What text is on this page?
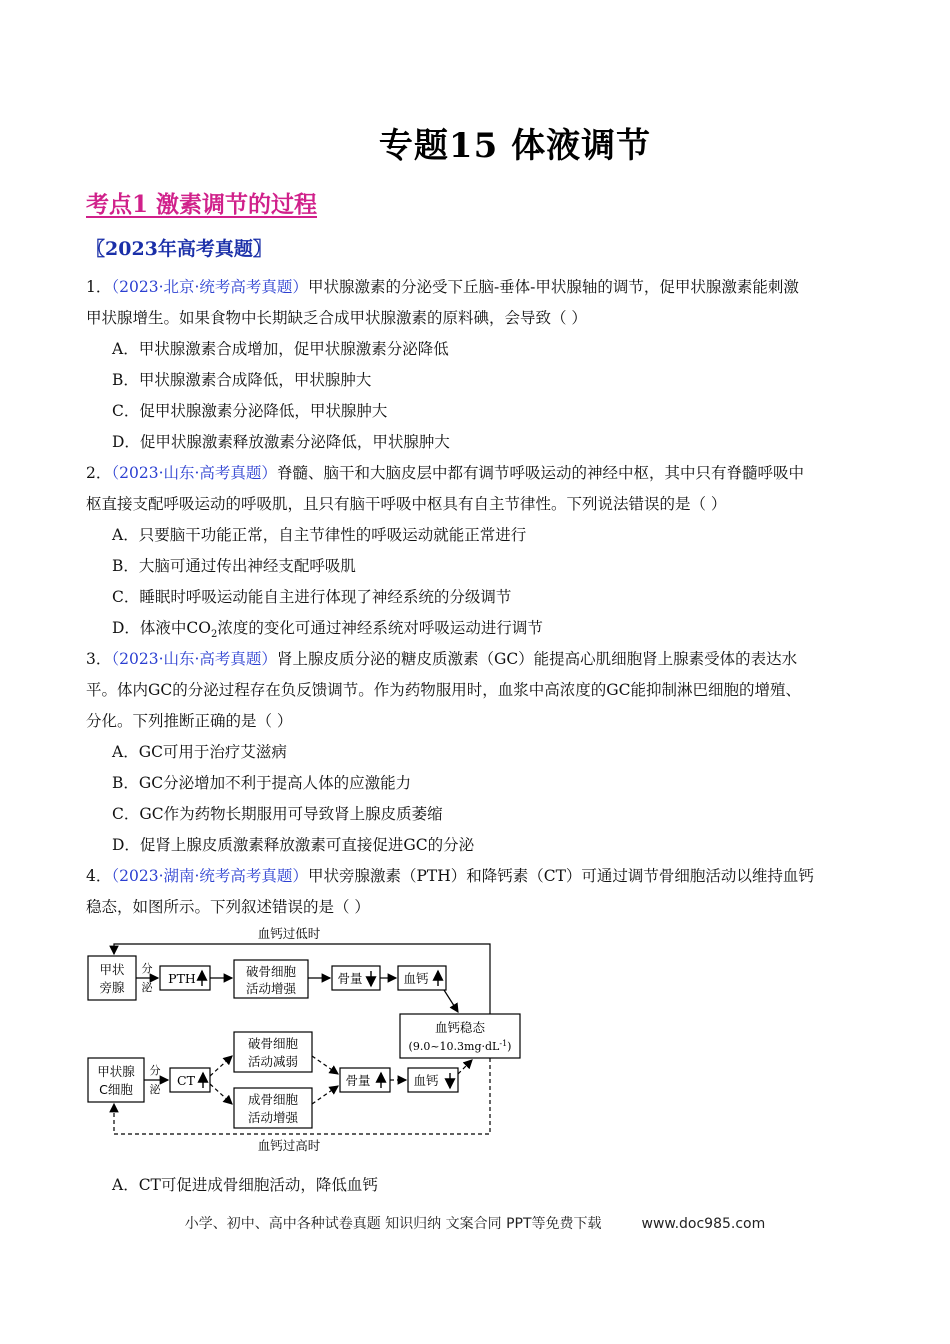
专题15 体液调节
考点1 激素调节的过程
〖2023年高考真题〗
1．（2023·北京·统考高考真题）甲状腺激素的分泌受下丘脑-垂体-甲状腺轴的调节，促甲状腺激素能刺激
甲状腺增生。如果食物中长期缺乏合成甲状腺激素的原料碘，会导致（ ）
A．甲状腺激素合成增加，促甲状腺激素分泌降低
B．甲状腺激素合成降低，甲状腺肿大
C．促甲状腺激素分泌降低，甲状腺肿大
D．促甲状腺激素释放激素分泌降低，甲状腺肿大
2．（2023·山东·高考真题）脊髓、脑干和大脑皮层中都有调节呼吸运动的神经中枢，其中只有脊髓呼吸中
枢直接支配呼吸运动的呼吸肌，且只有脑干呼吸中枢具有自主节律性。下列说法错误的是（ ）
A．只要脑干功能正常，自主节律性的呼吸运动就能正常进行
B．大脑可通过传出神经支配呼吸肌
C．睡眠时呼吸运动能自主进行体现了神经系统的分级调节
D．体液中$CO_2$浓度的变化可通过神经系统对呼吸运动进行调节
3．（2023·山东·高考真题）肾上腺皮质分泌的糖皮质激素（GC）能提高心肌细胞肾上腺素受体的表达水
平。体内GC的分泌过程存在负反馈调节。作为药物服用时，血浆中高浓度的GC能抑制淋巴细胞的增殖、
分化。下列推断正确的是（ ）
A．GC可用于治疗艾滋病
B．GC分泌增加不利于提高人体的应激能力
C．GC作为药物长期服用可导致肾上腺皮质萎缩
D．促肾上腺皮质激素释放激素可直接促进GC的分泌
4．（2023·湖南·统考高考真题）甲状旁腺激素（PTH）和降钙素（CT）可通过调节骨细胞活动以维持血钙
稳态，如图所示。下列叙述错误的是（ ）
血钙过低时
甲状
旁腺
分
泌
PTH	破骨细胞
活动增强
骨量	血钙
血钙稳态
$(9.0\sim 10.3mg\cdot dL^{-1})$
血钙过高时
甲状腺
C细胞
分
泌
CT
破骨细胞
活动减弱
成骨细胞
活动增强
骨量	血钙
A．CT可促进成骨细胞活动，降低血钙
小学、初中、高中各种试卷真题 知识归纳 文案合同 PPT等免费下载	www.doc985.com
